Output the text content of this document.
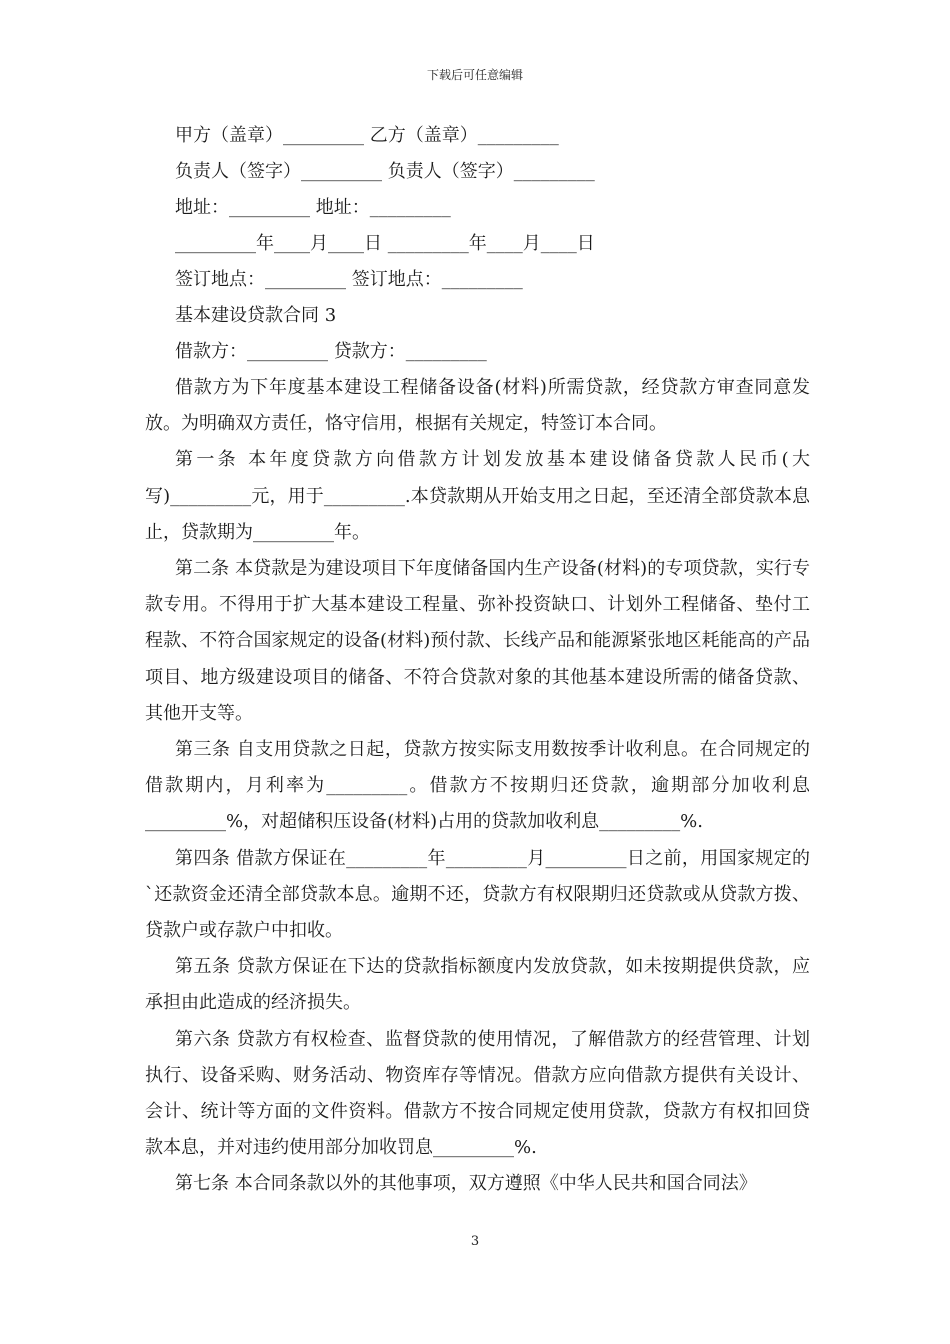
下载后可任意编辑
甲方（盖章）_________ 乙方（盖章）_________
负责人（签字）_________ 负责人（签字）_________
地址：_________ 地址：_________
_________年____月____日 _________年____月____日
签订地点：_________ 签订地点：_________
基本建设贷款合同 3
借款方：_________ 贷款方：_________

借款方为下年度基本建设工程储备设备(材料)所需贷款，经贷款方审查同意发放。为明确双方责任，恪守信用，根据有关规定，特签订本合同。

第一条 本年度贷款方向借款方计划发放基本建设储备贷款人民币(大写)_________元，用于_________.本贷款期从开始支用之日起，至还清全部贷款本息止，贷款期为_________年。

第二条 本贷款是为建设项目下年度储备国内生产设备(材料)的专项贷款，实行专款专用。不得用于扩大基本建设工程量、弥补投资缺口、计划外工程储备、垫付工程款、不符合国家规定的设备(材料)预付款、长线产品和能源紧张地区耗能高的产品项目、地方级建设项目的储备、不符合贷款对象的其他基本建设所需的储备贷款、其他开支等。

第三条 自支用贷款之日起，贷款方按实际支用数按季计收利息。在合同规定的借款期内，月利率为_________。借款方不按期归还贷款，逾期部分加收利息_________%，对超储积压设备(材料)占用的贷款加收利息_________%.

第四条 借款方保证在_________年_________月_________日之前，用国家规定的`还款资金还清全部贷款本息。逾期不还，贷款方有权限期归还贷款或从贷款方拨、贷款户或存款户中扣收。

第五条 贷款方保证在下达的贷款指标额度内发放贷款，如未按期提供贷款，应承担由此造成的经济损失。

第六条 贷款方有权检查、监督贷款的使用情况，了解借款方的经营管理、计划执行、设备采购、财务活动、物资库存等情况。借款方应向借款方提供有关设计、会计、统计等方面的文件资料。借款方不按合同规定使用贷款，贷款方有权扣回贷款本息，并对违约使用部分加收罚息_________%.

第七条 本合同条款以外的其他事项，双方遵照《中华人民共和国合同法》

3
